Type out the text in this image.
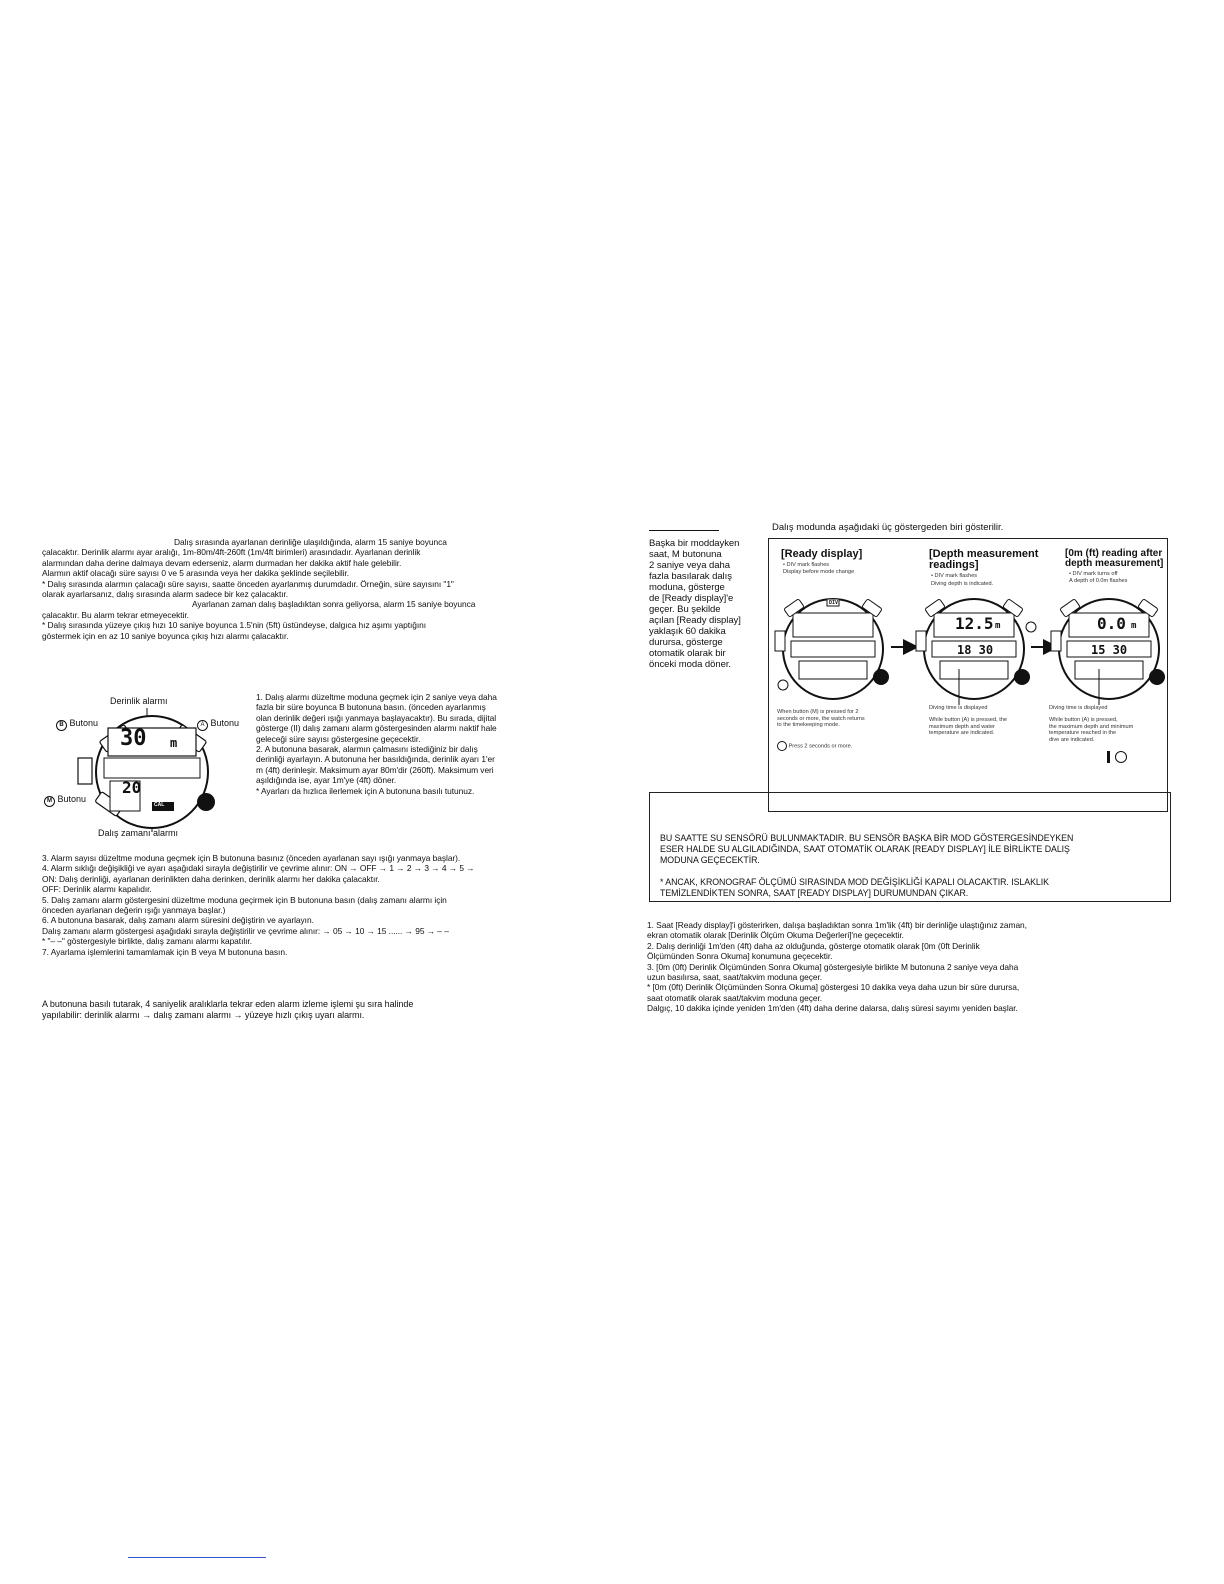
Dalış sırasında ayarlanan derinliğe ulaşıldığında, alarm 15 saniye boyunca
çalacaktır. Derinlik alarmı ayar aralığı, 1m-80m/4ft-260ft (1m/4ft birimleri) arasındadır. Ayarlanan derinlik
alarmından daha derine dalmaya devam ederseniz, alarm durmadan her dakika aktif hale gelebilir.
Alarmın aktif olacağı süre sayısı 0 ve 5 arasında veya her dakika şeklinde seçilebilir.
* Dalış sırasında alarmın çalacağı süre sayısı, saatte önceden ayarlanmış durumdadır. Örneğin, süre sayısını "1"
olarak ayarlarsanız, dalış sırasında alarm sadece bir kez çalacaktır.
Ayarlanan zaman dalış başladıktan sonra geliyorsa, alarm 15 saniye boyunca
çalacaktır. Bu alarm tekrar etmeyecektir.
* Dalış sırasında yüzeye çıkış hızı 10 saniye boyunca 1.5'nin (5ft) üstündeyse, dalgıca hız aşımı yaptığını
göstermek için en az 10 saniye boyunca çıkış hızı alarmı çalacaktır.
Derinlik alarmı
B Butonu	A Butonu
M Butonu
30 m
20
CAL
Dalış zamanı alarmı
1. Dalış alarmı düzeltme moduna geçmek için 2 saniye veya daha
fazla bir süre boyunca B butonuna basın. (önceden ayarlanmış
olan derinlik değeri ışığı yanmaya başlayacaktır). Bu sırada, dijital
gösterge (II) dalış zamanı alarm göstergesinden alarmı naktif hale
geleceği süre sayısı göstergesine geçecektir.
2. A butonuna basarak, alarmın çalmasını istediğiniz bir dalış
derinliği ayarlayın. A butonuna her basıldığında, derinlik ayarı 1'er
m (4ft) derinleşir. Maksimum ayar 80m'dir (260ft). Maksimum veri
aşıldığında ise, ayar 1m'ye (4ft) döner.
* Ayarları da hızlıca ilerlemek için A butonuna basılı tutunuz.
3. Alarm sayısı düzeltme moduna geçmek için B butonuna basınız (önceden ayarlanan sayı ışığı yanmaya başlar).
4. Alarm sıklığı değişikliği ve ayarı aşağıdaki sırayla değiştirilir ve çevrime alınır: ON → OFF → 1 → 2 → 3 → 4 → 5 →
ON: Dalış derinliği, ayarlanan derinlikten daha derinken, derinlik alarmı her dakika çalacaktır.
OFF: Derinlik alarmı kapalıdır.
5. Dalış zamanı alarm göstergesini düzeltme moduna geçirmek için B butonuna basın (dalış zamanı alarmı için
önceden ayarlanan değerin ışığı yanmaya başlar.)
6. A butonuna basarak, dalış zamanı alarm süresini değiştirin ve ayarlayın.
Dalış zamanı alarm göstergesi aşağıdaki sırayla değiştirilir ve çevrime alınır: → 05 → 10 → 15 ...... → 95 → – –
* "– –" göstergesiyle birlikte, dalış zamanı alarmı kapatılır.
7. Ayarlama işlemlerini tamamlamak için B veya M butonuna basın.
A butonuna basılı tutarak, 4 saniyelik aralıklarla tekrar eden alarm izleme işlemi şu sıra halinde
yapılabilir: derinlik alarmı → dalış zamanı alarmı → yüzeye hızlı çıkış uyarı alarmı.
Dalış modunda aşağıdaki üç göstergeden biri gösterilir.
Başka bir moddayken
saat, M butonuna
2 saniye veya daha
fazla basılarak dalış
moduna, gösterge
de [Ready display]'e
geçer. Bu şekilde
açılan [Ready display]
yaklaşık 60 dakika
durursa, gösterge
otomatik olarak bir
önceki moda döner.
[Ready display]
• DIV mark flashes
Display before mode change
[Depth measurement
readings]
• DIV mark flashes
Diving depth is indicated.
[0m (ft) reading after
depth measurement]
• DIV mark turns off
A depth of 0.0m flashes
DIV
12.5 m
18 30
0.0 m
15 30
When button (M) is pressed for 2
seconds or more, the watch returns
to the timekeeping mode.
Press 2 seconds or more.
Diving time is displayed
While button (A) is pressed, the
maximum depth and water
temperature are indicated.
Diving time is displayed
While button (A) is pressed,
the maximum depth and minimum
temperature reached in the
dive are indicated.
BU SAATTE SU SENSÖRÜ BULUNMAKTADIR. BU SENSÖR BAŞKA BİR MOD GÖSTERGESİNDEYKEN
ESER HALDE SU ALGILADIĞINDA, SAAT OTOMATİK OLARAK [READY DISPLAY] İLE BİRLİKTE DALIŞ
MODUNA GEÇECEKTİR.
* ANCAK, KRONOGRAF ÖLÇÜMÜ SIRASINDA MOD DEĞİŞİKLİĞİ KAPALI OLACAKTIR. ISLAKLIK
TEMİZLENDİKTEN SONRA, SAAT [READY DISPLAY] DURUMUNDAN ÇIKAR.
1. Saat [Ready display]'i gösterirken, dalışa başladıktan sonra 1m'lik (4ft) bir derinliğe ulaştığınız zaman,
ekran otomatik olarak [Derinlik Ölçüm Okuma Değerleri]'ne geçecektir.
2. Dalış derinliği 1m'den (4ft) daha az olduğunda, gösterge otomatik olarak [0m (0ft Derinlik
Ölçümünden Sonra Okuma] konumuna geçecektir.
3. [0m (0ft) Derinlik Ölçümünden Sonra Okuma] göstergesiyle birlikte M butonuna 2 saniye veya daha
uzun basılırsa, saat, saat/takvim moduna geçer.
* [0m (0ft) Derinlik Ölçümünden Sonra Okuma] göstergesi 10 dakika veya daha uzun bir süre durursa,
saat otomatik olarak saat/takvim moduna geçer.
Dalgıç, 10 dakika içinde yeniden 1m'den (4ft) daha derine dalarsa, dalış süresi sayımı yeniden başlar.
